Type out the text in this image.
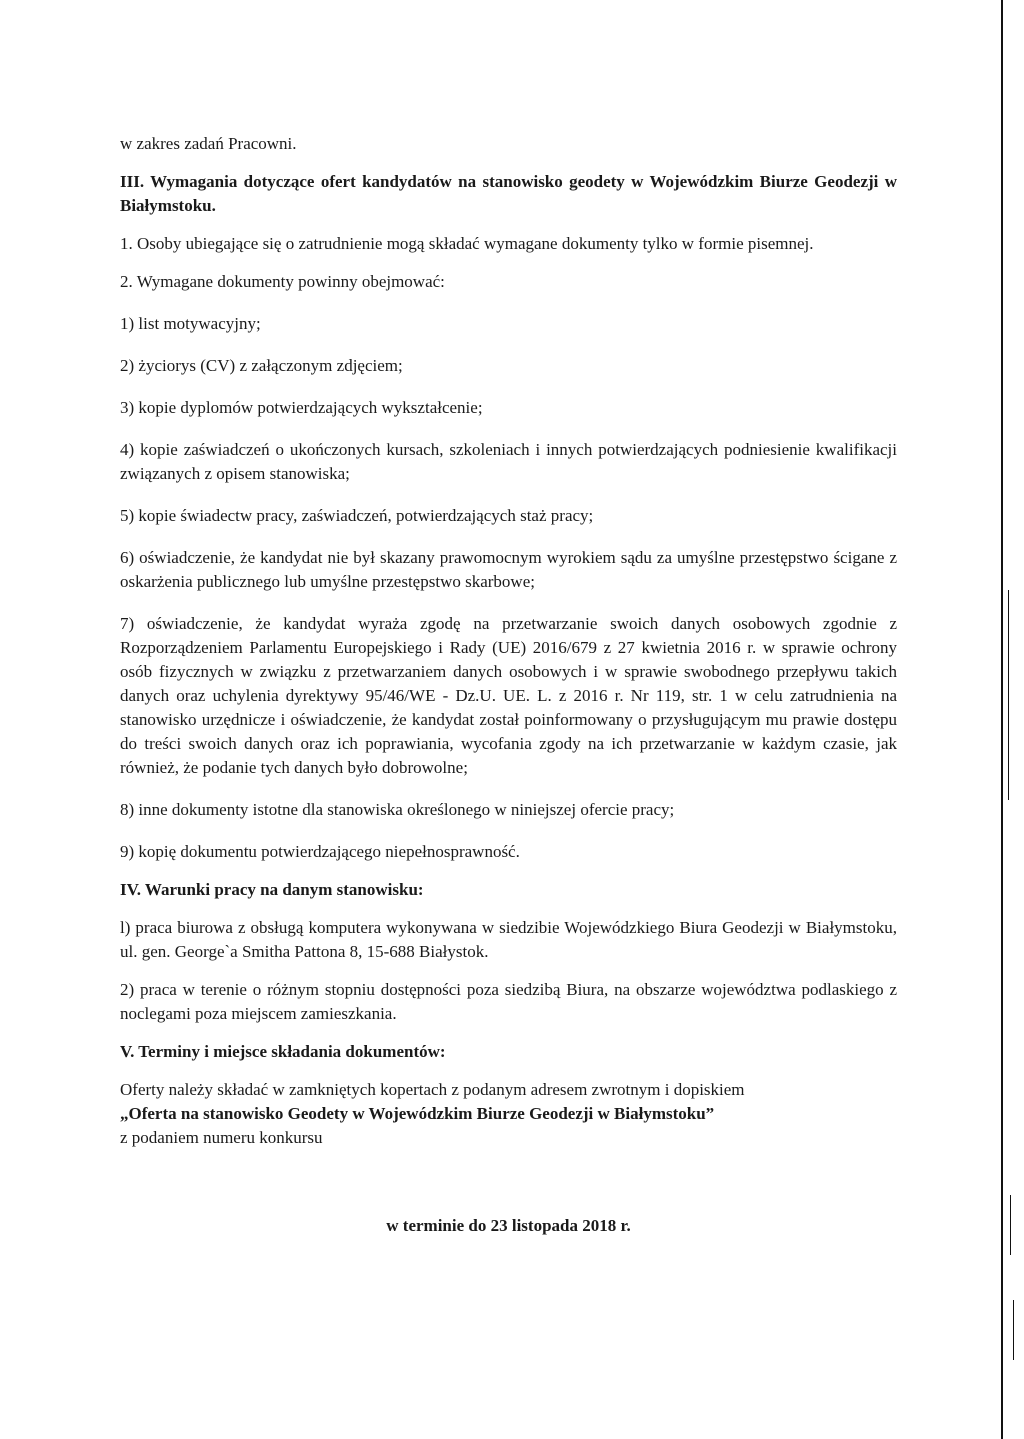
w zakres zadań Pracowni.

III. Wymagania dotyczące ofert kandydatów na stanowisko geodety w Wojewódzkim Biurze Geodezji w Białymstoku.

1. Osoby ubiegające się o zatrudnienie mogą składać wymagane dokumenty tylko w formie pisemnej.

2. Wymagane dokumenty powinny obejmować:

1) list motywacyjny;

2) życiorys (CV) z załączonym zdjęciem;

3) kopie dyplomów potwierdzających wykształcenie;

4) kopie zaświadczeń o ukończonych kursach, szkoleniach i innych potwierdzających podniesienie kwalifikacji związanych z opisem stanowiska;

5) kopie świadectw pracy, zaświadczeń, potwierdzających staż pracy;

6) oświadczenie, że kandydat nie był skazany prawomocnym wyrokiem sądu za umyślne przestępstwo ścigane z oskarżenia publicznego lub umyślne przestępstwo skarbowe;

7) oświadczenie, że kandydat wyraża zgodę na przetwarzanie swoich danych osobowych zgodnie z Rozporządzeniem Parlamentu Europejskiego i Rady (UE) 2016/679 z 27 kwietnia 2016 r. w sprawie ochrony osób fizycznych w związku z przetwarzaniem danych osobowych i w sprawie swobodnego przepływu takich danych oraz uchylenia dyrektywy 95/46/WE - Dz.U. UE. L. z 2016 r. Nr 119, str. 1 w celu zatrudnienia na stanowisko urzędnicze i oświadczenie, że kandydat został poinformowany o przysługującym mu prawie dostępu do treści swoich danych oraz ich poprawiania, wycofania zgody na ich przetwarzanie w każdym czasie, jak również, że podanie tych danych było dobrowolne;

8) inne dokumenty istotne dla stanowiska określonego w niniejszej ofercie pracy;

9) kopię dokumentu potwierdzającego niepełnosprawność.

IV. Warunki pracy na danym stanowisku:

l) praca biurowa z obsługą komputera wykonywana w siedzibie Wojewódzkiego Biura Geodezji w Białymstoku, ul. gen. George`a Smitha Pattona 8, 15-688 Białystok.

2) praca w terenie o różnym stopniu dostępności poza siedzibą Biura, na obszarze województwa podlaskiego z noclegami poza miejscem zamieszkania.

V. Terminy i miejsce składania dokumentów:

Oferty należy składać w zamkniętych kopertach z podanym adresem zwrotnym i dopiskiem

„Oferta na stanowisko Geodety w Wojewódzkim Biurze Geodezji w Białymstoku”

z podaniem numeru konkursu

w terminie do 23 listopada 2018 r.
